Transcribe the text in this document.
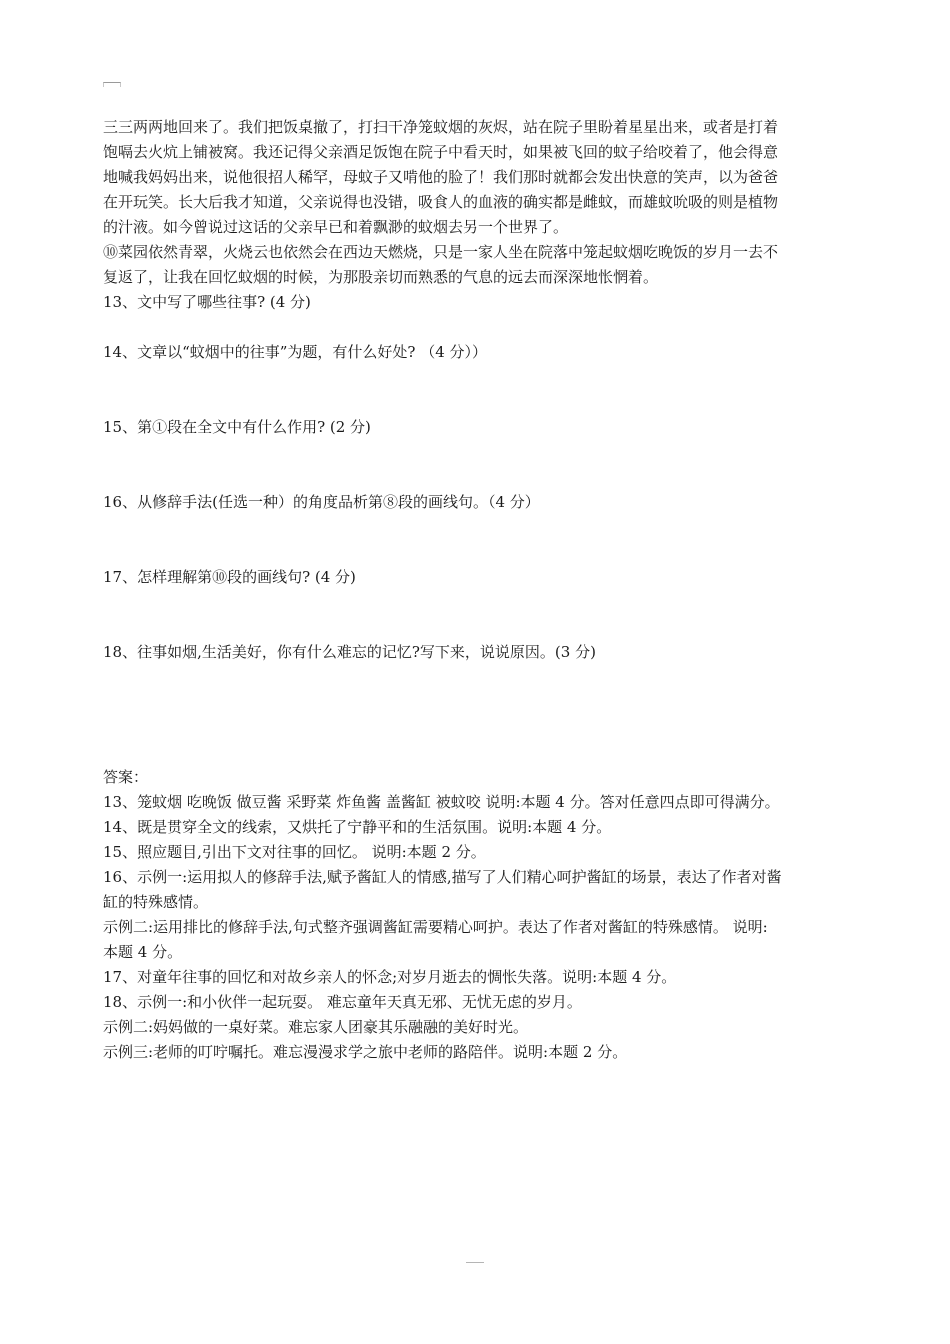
三三两两地回来了。我们把饭桌撤了，打扫干净笼蚊烟的灰烬，站在院子里盼着星星出来，或者是打着

饱嗝去火炕上铺被窝。我还记得父亲酒足饭饱在院子中看天时，如果被飞回的蚊子给咬着了，他会得意

地喊我妈妈出来，说他很招人稀罕，母蚊子又啃他的脸了！我们那时就都会发出快意的笑声，以为爸爸

在开玩笑。长大后我才知道，父亲说得也没错，吸食人的血液的确实都是雌蚊，而雄蚊吮吸的则是植物

的汁液。如今曾说过这话的父亲早已和着飘渺的蚊烟去另一个世界了。

⑩菜园依然青翠，火烧云也依然会在西边天燃烧，只是一家人坐在院落中笼起蚊烟吃晚饭的岁月一去不

复返了，让我在回忆蚊烟的时候，为那股亲切而熟悉的气息的远去而深深地怅惘着。

13、文中写了哪些往事? (4 分)

14、文章以“蚊烟中的往事”为题，有什么好处? （4 分））

15、第①段在全文中有什么作用? (2 分)

16、从修辞手法(任选一种）的角度品析第⑧段的画线句。（4 分）

17、怎样理解第⑩段的画线句? (4 分)

18、往事如烟,生活美好，你有什么难忘的记忆?写下来，说说原因。(3 分)

答案：

13、笼蚊烟 吃晚饭 做豆酱 采野菜 炸鱼酱 盖酱缸 被蚊咬 说明:本题 4 分。答对任意四点即可得满分。

14、既是贯穿全文的线索，又烘托了宁静平和的生活氛围。说明:本题 4 分。

15、照应题目,引出下文对往事的回忆。 说明:本题 2 分。

16、示例一:运用拟人的修辞手法,赋予酱缸人的情感,描写了人们精心呵护酱缸的场景，表达了作者对酱

缸的特殊感情。

示例二:运用排比的修辞手法,句式整齐强调酱缸需要精心呵护。表达了作者对酱缸的特殊感情。 说明:

本题 4 分。

17、对童年往事的回忆和对故乡亲人的怀念;对岁月逝去的惆怅失落。说明:本题 4 分。

18、示例一:和小伙伴一起玩耍。 难忘童年天真无邪、无忧无虑的岁月。

示例二:妈妈做的一桌好菜。难忘家人团豪其乐融融的美好时光。

示例三:老师的叮咛嘱托。难忘漫漫求学之旅中老师的路陪伴。说明:本题 2 分。
